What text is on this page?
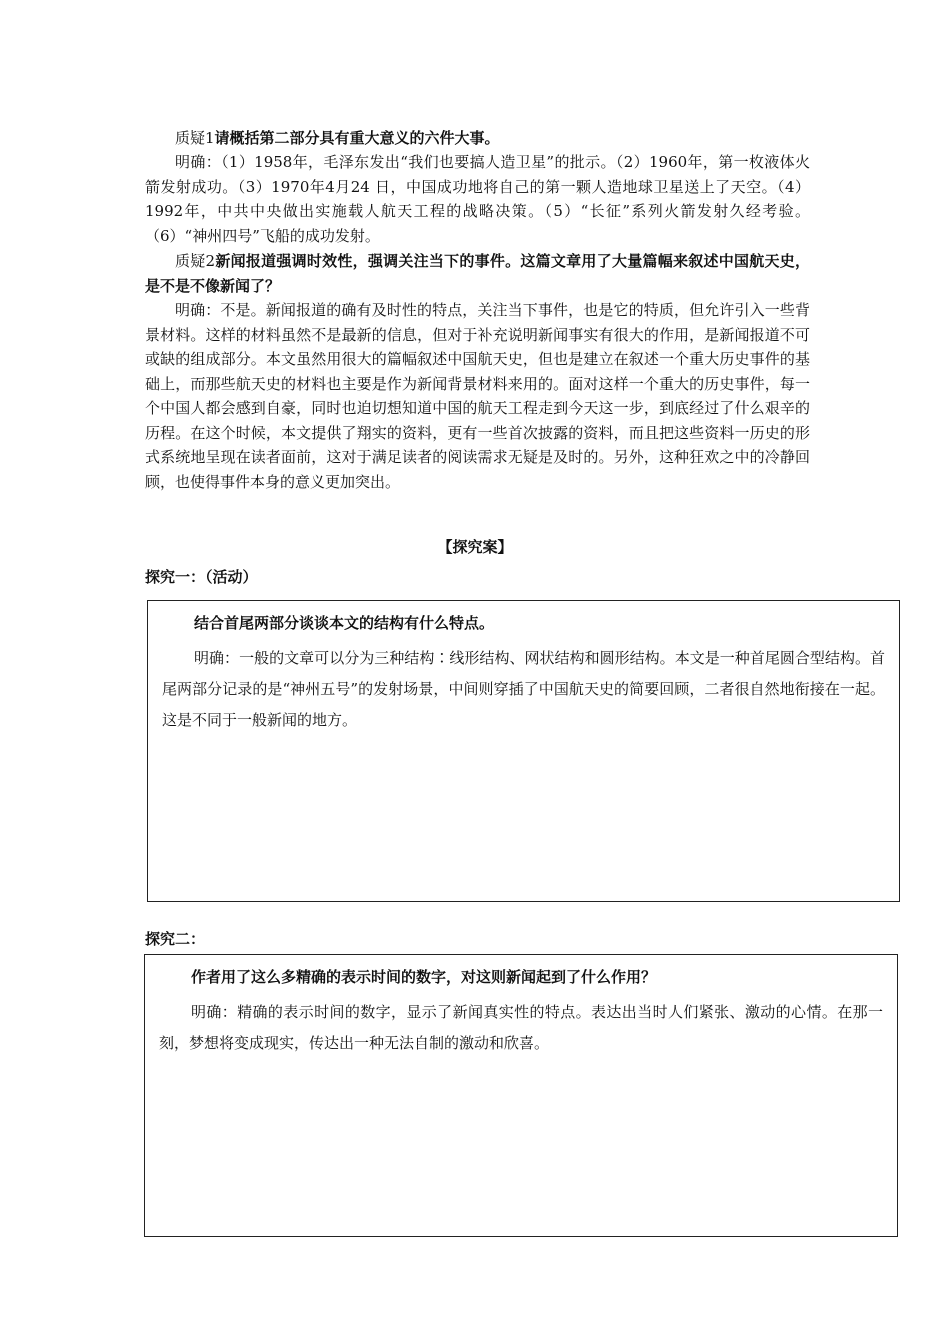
质疑1请概括第二部分具有重大意义的六件大事。
明确：（1）1958年，毛泽东发出“我们也要搞人造卫星”的批示。（2）1960年，第一枚液体火箭发射成功。（3）1970年4月24 日，中国成功地将自己的第一颗人造地球卫星送上了天空。（4）1992年，中共中央做出实施载人航天工程的战略决策。（5）“长征”系列火箭发射久经考验。（6）“神州四号”飞船的成功发射。
质疑2新闻报道强调时效性，强调关注当下的事件。这篇文章用了大量篇幅来叙述中国航天史，是不是不像新闻了？
明确：不是。新闻报道的确有及时性的特点，关注当下事件，也是它的特质，但允许引入一些背景材料。这样的材料虽然不是最新的信息，但对于补充说明新闻事实有很大的作用，是新闻报道不可或缺的组成部分。本文虽然用很大的篇幅叙述中国航天史，但也是建立在叙述一个重大历史事件的基础上，而那些航天史的材料也主要是作为新闻背景材料来用的。面对这样一个重大的历史事件，每一个中国人都会感到自豪，同时也迫切想知道中国的航天工程走到今天这一步，到底经过了什么艰辛的历程。在这个时候，本文提供了翔实的资料，更有一些首次披露的资料，而且把这些资料一历史的形式系统地呈现在读者面前，这对于满足读者的阅读需求无疑是及时的。另外，这种狂欢之中的冷静回顾，也使得事件本身的意义更加突出。
【探究案】
探究一：（活动）
结合首尾两部分谈谈本文的结构有什么特点。
明确：一般的文章可以分为三种结构∶线形结构、网状结构和圆形结构。本文是一种首尾圆合型结构。首尾两部分记录的是“神州五号”的发射场景，中间则穿插了中国航天史的简要回顾，二者很自然地衔接在一起。这是不同于一般新闻的地方。
探究二：
作者用了这么多精确的表示时间的数字，对这则新闻起到了什么作用？
明确：精确的表示时间的数字，显示了新闻真实性的特点。表达出当时人们紧张、激动的心情。在那一刻，梦想将变成现实，传达出一种无法自制的激动和欣喜。
